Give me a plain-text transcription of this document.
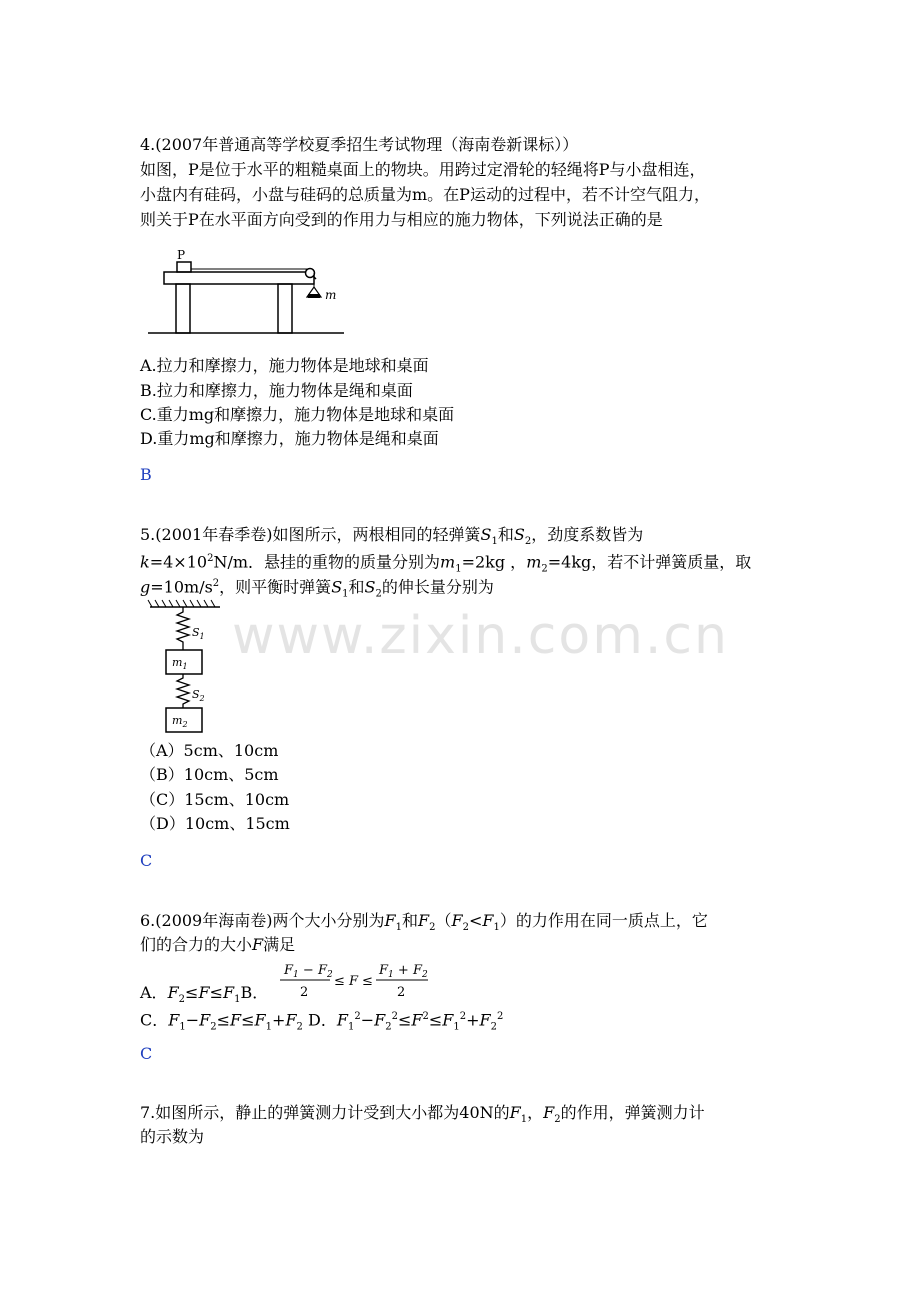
www.zixin.com.cn
4.(2007年普通高等学校夏季招生考试物理（海南卷新课标））
如图，P是位于水平的粗糙桌面上的物块。用跨过定滑轮的轻绳将P与小盘相连，
小盘内有硅码，小盘与硅码的总质量为m。在P运动的过程中，若不计空气阻力，
则关于P在水平面方向受到的作用力与相应的施力物体，下列说法正确的是
P
m
A.拉力和摩擦力，施力物体是地球和桌面
B.拉力和摩擦力，施力物体是绳和桌面
C.重力mg和摩擦力，施力物体是地球和桌面
D.重力mg和摩擦力，施力物体是绳和桌面
B
5.(2001年春季卷)如图所示，两根相同的轻弹簧$S_1$和$S_2$，劲度系数皆为
$k=4\times 10^2N/m$．悬挂的重物的质量分别为$m_1=2kg$ ，$m_2=4kg$，若不计弹簧质量，取
$g=10m/s^2$，则平衡时弹簧$S_1$和$S_2$的伸长量分别为
$S_1$
$m_1$
$S_2$
$m_2$
（A）5cm、10cm
（B）10cm、5cm
（C）15cm、10cm
（D）10cm、15cm
C
6.(2009年海南卷)两个大小分别为$F_1$和$F_2(F_2<F_1)$的力作用在同一质点上，它
们的合力的大小F满足
A．$F_2\le F\le F_1B$．
$F_1 - F_2$
2
≤ F ≤
$F_1 + F_2$
2
C．$F_1-F_2\le F\le F_1+F_2$ D．$F_1^2-F_2^2\le F^2\le F_1^2+F_2^2$
C
7.如图所示，静止的弹簧测力计受到大小都为40N的$F_1$，$F_2$的作用，弹簧测力计
的示数为
